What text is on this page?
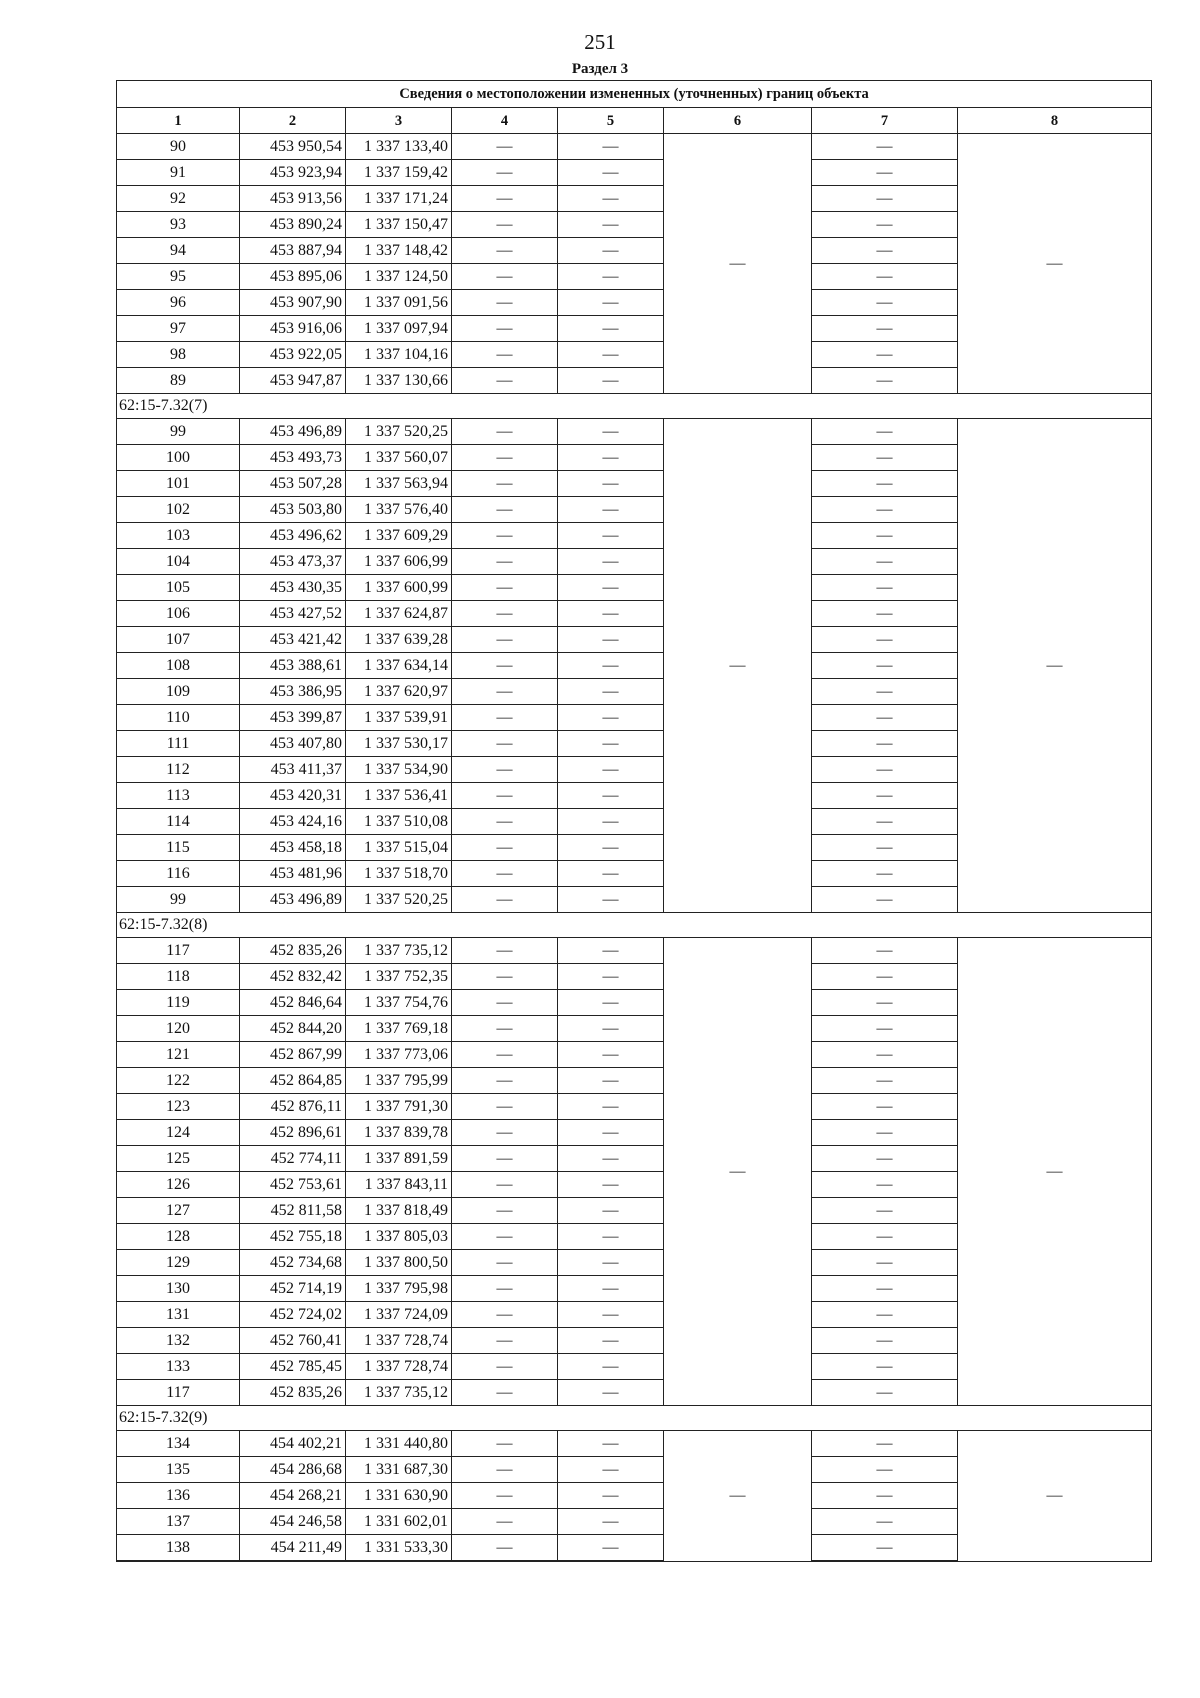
251
Раздел 3
Сведения о местоположении измененных (уточненных) границ объекта							
1	2	3	4	5	6	7	8
90	453 950,54	1 337 133,40	—	—	—	—	—
91	453 923,94	1 337 159,42	—	—		—	
92	453 913,56	1 337 171,24	—	—		—	
93	453 890,24	1 337 150,47	—	—		—	
94	453 887,94	1 337 148,42	—	—		—	
95	453 895,06	1 337 124,50	—	—		—	
96	453 907,90	1 337 091,56	—	—		—	
97	453 916,06	1 337 097,94	—	—		—	
98	453 922,05	1 337 104,16	—	—		—	
89	453 947,87	1 337 130,66	—	—		—	
62:15-7.32(7)							
99	453 496,89	1 337 520,25	—	—	—	—	—
100	453 493,73	1 337 560,07	—	—		—	
101	453 507,28	1 337 563,94	—	—		—	
102	453 503,80	1 337 576,40	—	—		—	
103	453 496,62	1 337 609,29	—	—		—	
104	453 473,37	1 337 606,99	—	—		—	
105	453 430,35	1 337 600,99	—	—		—	
106	453 427,52	1 337 624,87	—	—		—	
107	453 421,42	1 337 639,28	—	—		—	
108	453 388,61	1 337 634,14	—	—		—	
109	453 386,95	1 337 620,97	—	—		—	
110	453 399,87	1 337 539,91	—	—		—	
111	453 407,80	1 337 530,17	—	—		—	
112	453 411,37	1 337 534,90	—	—		—	
113	453 420,31	1 337 536,41	—	—		—	
114	453 424,16	1 337 510,08	—	—		—	
115	453 458,18	1 337 515,04	—	—		—	
116	453 481,96	1 337 518,70	—	—		—	
99	453 496,89	1 337 520,25	—	—		—	
62:15-7.32(8)							
117	452 835,26	1 337 735,12	—	—	—	—	—
118	452 832,42	1 337 752,35	—	—		—	
119	452 846,64	1 337 754,76	—	—		—	
120	452 844,20	1 337 769,18	—	—		—	
121	452 867,99	1 337 773,06	—	—		—	
122	452 864,85	1 337 795,99	—	—		—	
123	452 876,11	1 337 791,30	—	—		—	
124	452 896,61	1 337 839,78	—	—		—	
125	452 774,11	1 337 891,59	—	—		—	
126	452 753,61	1 337 843,11	—	—		—	
127	452 811,58	1 337 818,49	—	—		—	
128	452 755,18	1 337 805,03	—	—		—	
129	452 734,68	1 337 800,50	—	—		—	
130	452 714,19	1 337 795,98	—	—		—	
131	452 724,02	1 337 724,09	—	—		—	
132	452 760,41	1 337 728,74	—	—		—	
133	452 785,45	1 337 728,74	—	—		—	
117	452 835,26	1 337 735,12	—	—		—	
62:15-7.32(9)							
134	454 402,21	1 331 440,80	—	—	—	—	—
135	454 286,68	1 331 687,30	—	—		—	
136	454 268,21	1 331 630,90	—	—		—	
137	454 246,58	1 331 602,01	—	—		—	
138	454 211,49	1 331 533,30	—	—		—	
